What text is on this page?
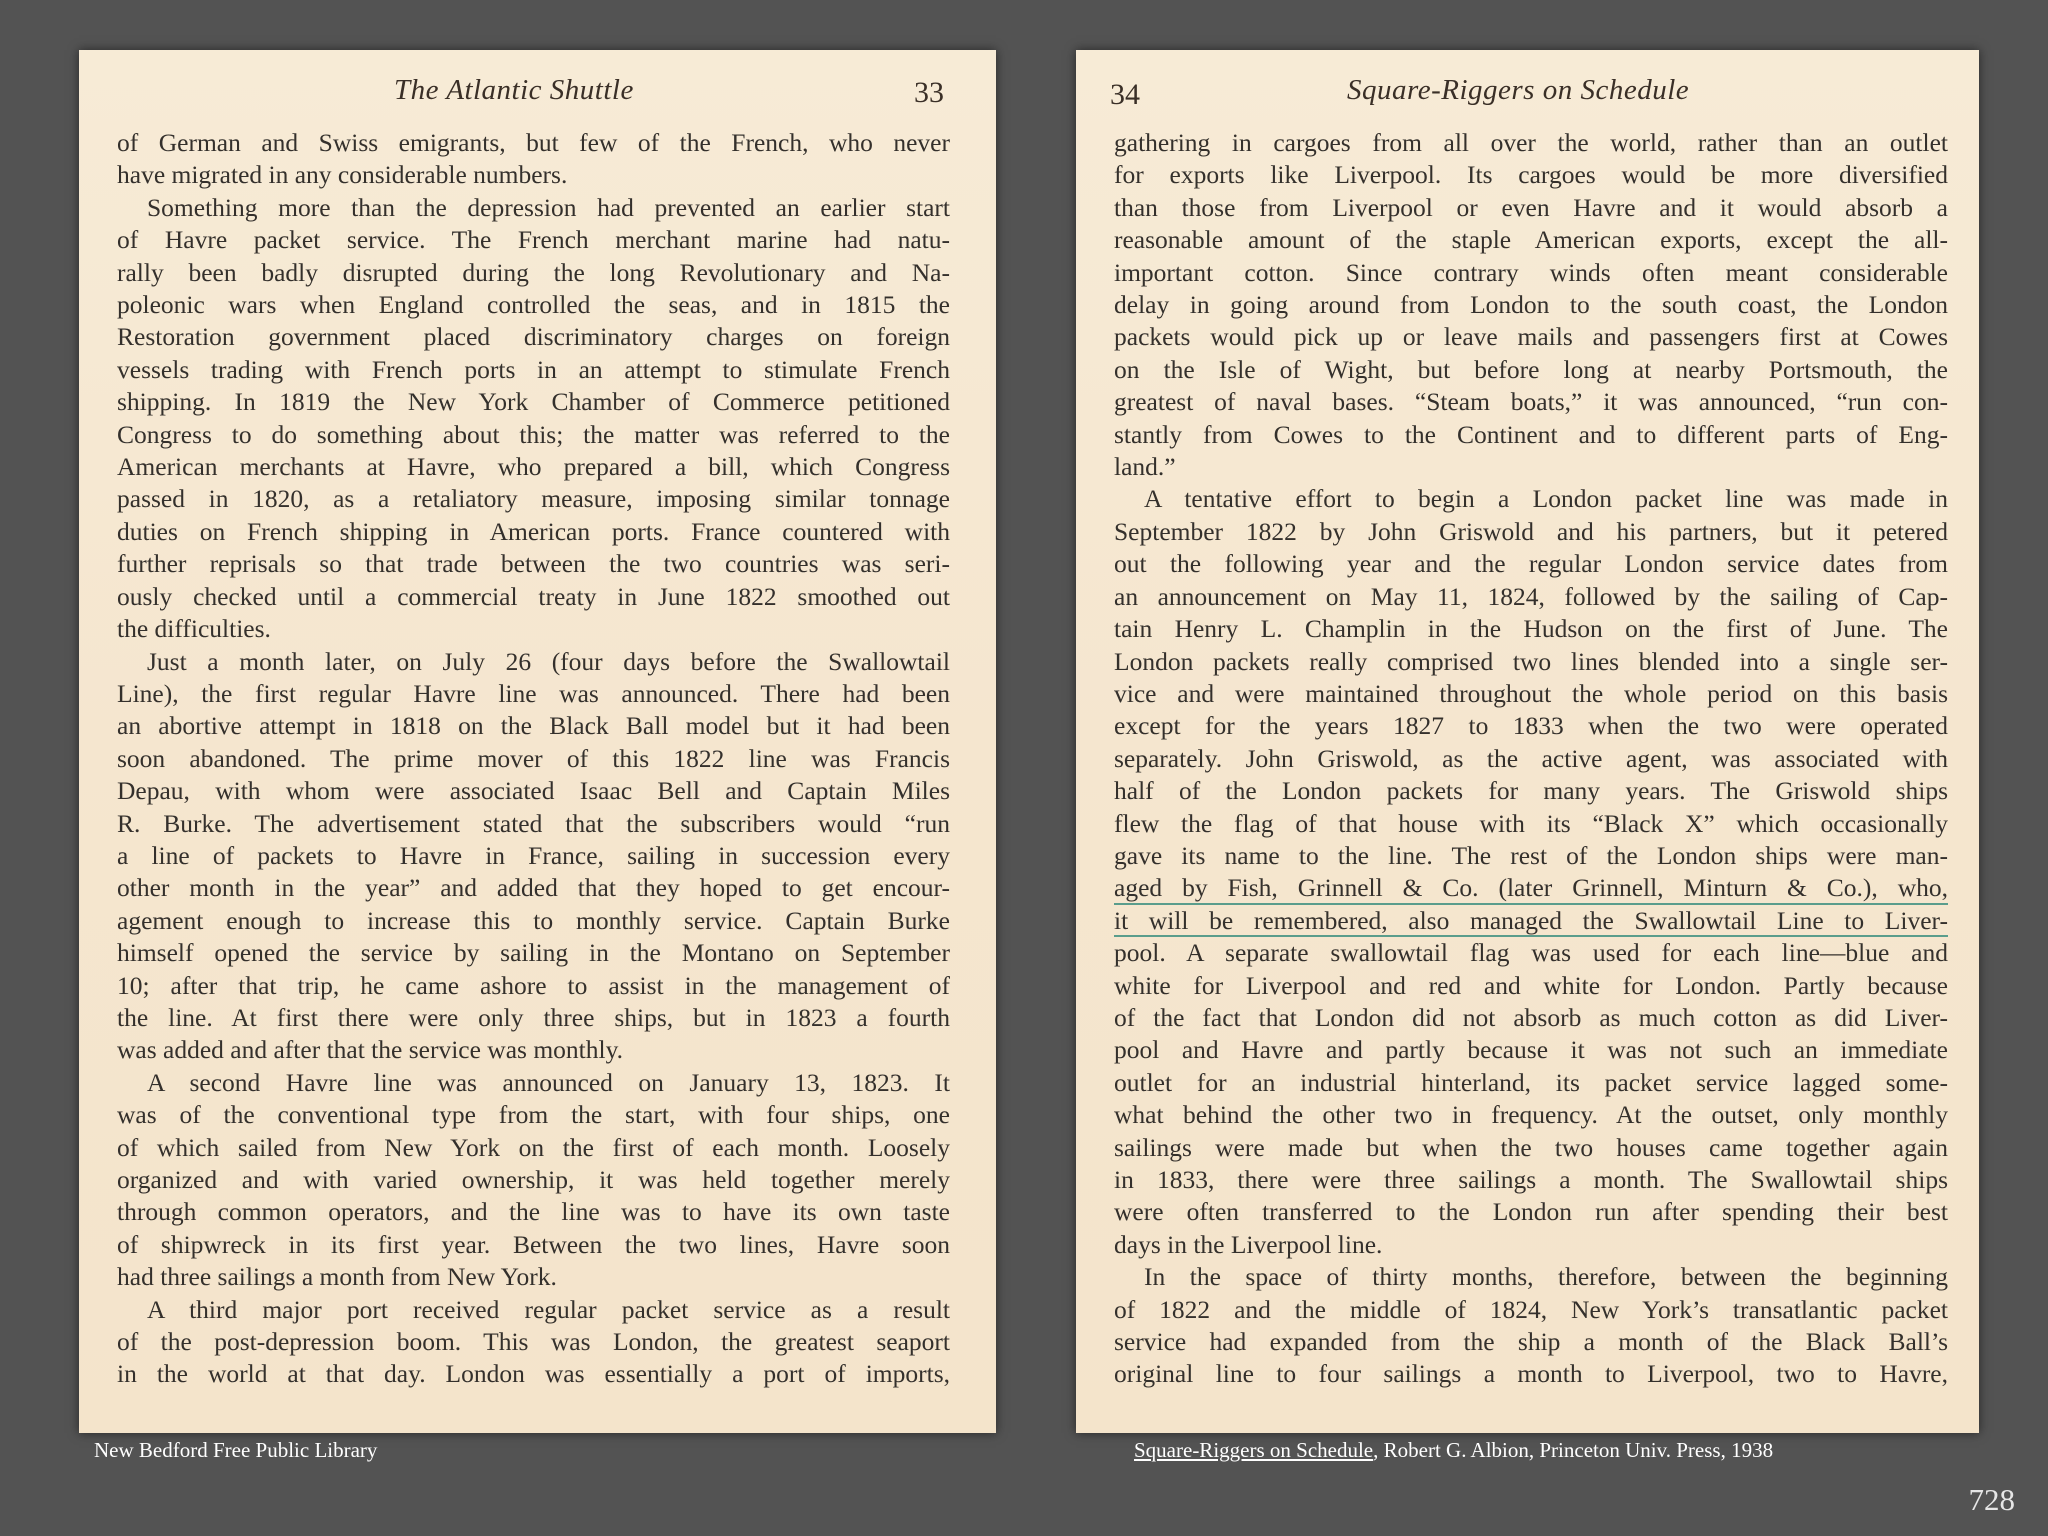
The Atlantic Shuttle	33
of German and Swiss emigrants, but few of the French, who never
have migrated in any considerable numbers.
Something more than the depression had prevented an earlier start
of Havre packet service. The French merchant marine had natu-
rally been badly disrupted during the long Revolutionary and Na-
poleonic wars when England controlled the seas, and in 1815 the
Restoration government placed discriminatory charges on foreign
vessels trading with French ports in an attempt to stimulate French
shipping. In 1819 the New York Chamber of Commerce petitioned
Congress to do something about this; the matter was referred to the
American merchants at Havre, who prepared a bill, which Congress
passed in 1820, as a retaliatory measure, imposing similar tonnage
duties on French shipping in American ports. France countered with
further reprisals so that trade between the two countries was seri-
ously checked until a commercial treaty in June 1822 smoothed out
the difficulties.
Just a month later, on July 26 (four days before the Swallowtail
Line), the first regular Havre line was announced. There had been
an abortive attempt in 1818 on the Black Ball model but it had been
soon abandoned. The prime mover of this 1822 line was Francis
Depau, with whom were associated Isaac Bell and Captain Miles
R. Burke. The advertisement stated that the subscribers would “run
a line of packets to Havre in France, sailing in succession every
other month in the year” and added that they hoped to get encour-
agement enough to increase this to monthly service. Captain Burke
himself opened the service by sailing in the Montano on September
10; after that trip, he came ashore to assist in the management of
the line. At first there were only three ships, but in 1823 a fourth
was added and after that the service was monthly.
A second Havre line was announced on January 13, 1823. It
was of the conventional type from the start, with four ships, one
of which sailed from New York on the first of each month. Loosely
organized and with varied ownership, it was held together merely
through common operators, and the line was to have its own taste
of shipwreck in its first year. Between the two lines, Havre soon
had three sailings a month from New York.
A third major port received regular packet service as a result
of the post-depression boom. This was London, the greatest seaport
in the world at that day. London was essentially a port of imports,
34	Square-Riggers on Schedule
gathering in cargoes from all over the world, rather than an outlet
for exports like Liverpool. Its cargoes would be more diversified
than those from Liverpool or even Havre and it would absorb a
reasonable amount of the staple American exports, except the all-
important cotton. Since contrary winds often meant considerable
delay in going around from London to the south coast, the London
packets would pick up or leave mails and passengers first at Cowes
on the Isle of Wight, but before long at nearby Portsmouth, the
greatest of naval bases. “Steam boats,” it was announced, “run con-
stantly from Cowes to the Continent and to different parts of Eng-
land.”
A tentative effort to begin a London packet line was made in
September 1822 by John Griswold and his partners, but it petered
out the following year and the regular London service dates from
an announcement on May 11, 1824, followed by the sailing of Cap-
tain Henry L. Champlin in the Hudson on the first of June. The
London packets really comprised two lines blended into a single ser-
vice and were maintained throughout the whole period on this basis
except for the years 1827 to 1833 when the two were operated
separately. John Griswold, as the active agent, was associated with
half of the London packets for many years. The Griswold ships
flew the flag of that house with its “Black X” which occasionally
gave its name to the line. The rest of the London ships were man-
aged by Fish, Grinnell & Co. (later Grinnell, Minturn & Co.), who,
it will be remembered, also managed the Swallowtail Line to Liver-
pool. A separate swallowtail flag was used for each line—blue and
white for Liverpool and red and white for London. Partly because
of the fact that London did not absorb as much cotton as did Liver-
pool and Havre and partly because it was not such an immediate
outlet for an industrial hinterland, its packet service lagged some-
what behind the other two in frequency. At the outset, only monthly
sailings were made but when the two houses came together again
in 1833, there were three sailings a month. The Swallowtail ships
were often transferred to the London run after spending their best
days in the Liverpool line.
In the space of thirty months, therefore, between the beginning
of 1822 and the middle of 1824, New York’s transatlantic packet
service had expanded from the ship a month of the Black Ball’s
original line to four sailings a month to Liverpool, two to Havre,
New Bedford Free Public Library	Square-Riggers on Schedule, Robert G. Albion, Princeton Univ. Press, 1938
728
